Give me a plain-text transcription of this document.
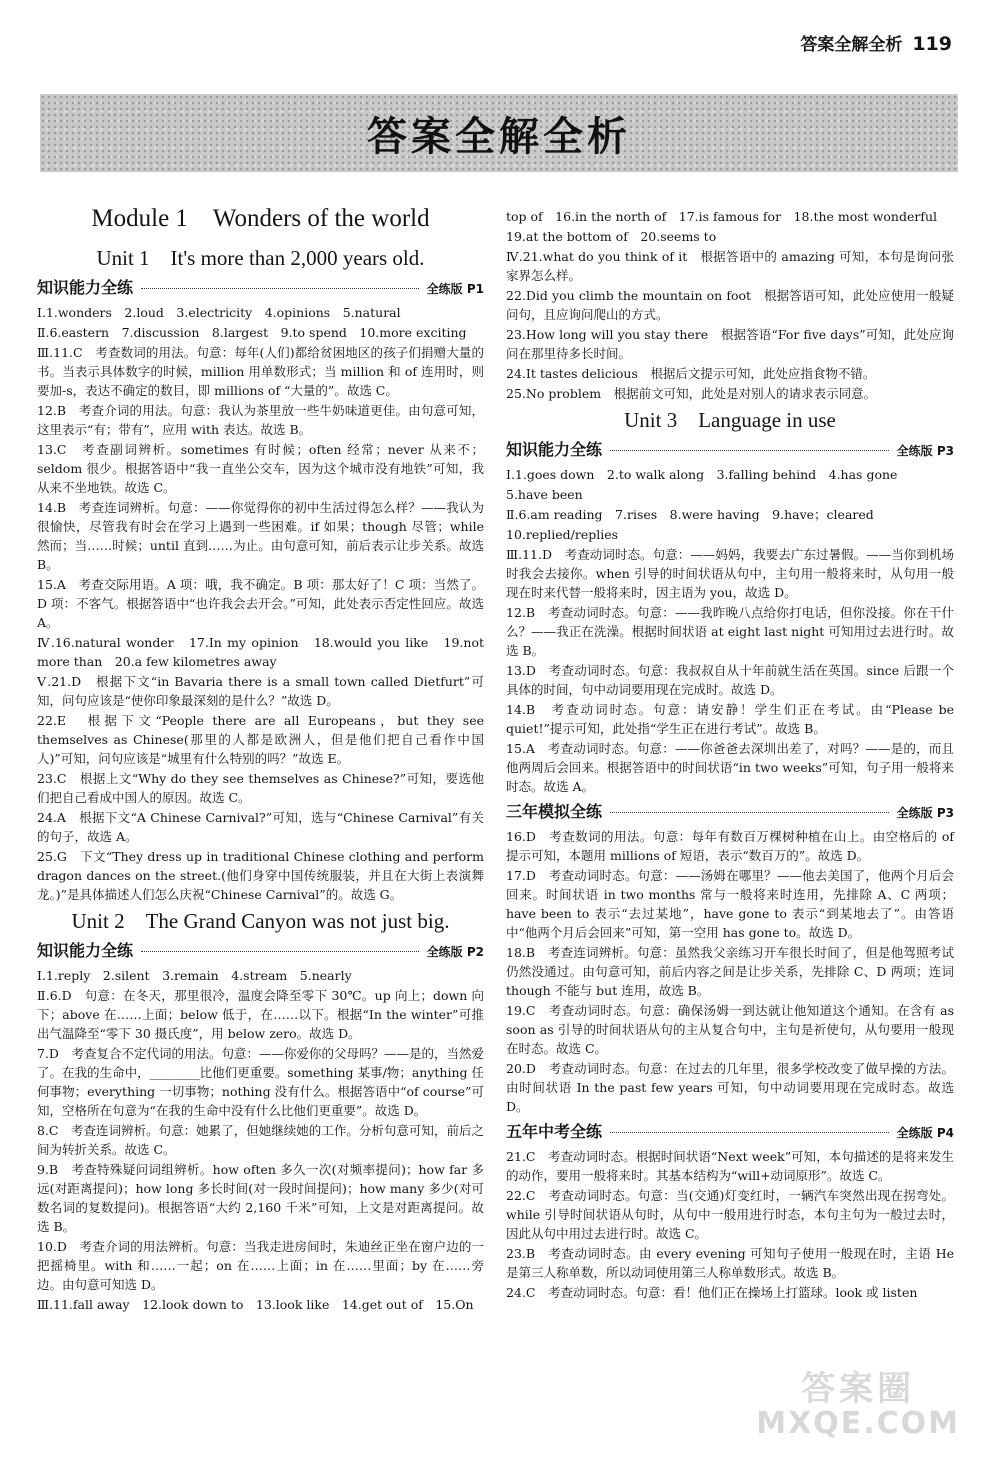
答案全解全析 119
答案全解全析
Module 1　Wonders of the world
Unit 1　It's more than 2,000 years old.
知识能力全练	全练版 P1

Ⅰ.1.wonders　2.loud　3.electricity　4.opinions　5.natural

Ⅱ.6.eastern　7.discussion　8.largest　9.to spend　10.more exciting

Ⅲ.11.C　考查数词的用法。句意：每年(人们)都给贫困地区的孩子们捐赠大量的书。当表示具体数字的时候，million 用单数形式；当 million 和 of 连用时，则要加-s，表达不确定的数目，即 millions of “大量的”。故选 C。

12.B　考查介词的用法。句意：我认为茶里放一些牛奶味道更佳。由句意可知，这里表示“有；带有”，应用 with 表达。故选 B。

13.C　考查副词辨析。sometimes 有时候；often 经常；never 从来不；seldom 很少。根据答语中“我一直坐公交车，因为这个城市没有地铁”可知，我从来不坐地铁。故选 C。

14.B　考查连词辨析。句意：——你觉得你的初中生活过得怎么样？——我认为很愉快，尽管我有时会在学习上遇到一些困难。if 如果；though 尽管；while 然而；当……时候；until 直到……为止。由句意可知，前后表示让步关系。故选 B。

15.A　考查交际用语。A 项：哦，我不确定。B 项：那太好了！C 项：当然了。D 项：不客气。根据答语中“也许我会去开会。”可知，此处表示否定性回应。故选 A。

Ⅳ.16.natural wonder　17.In my opinion　18.would you like　19.not more than　20.a few kilometres away

Ⅴ.21.D　根据下文“in Bavaria there is a small town called Dietfurt”可知，问句应该是“使你印象最深刻的是什么？”故选 D。

22.E　根据下文“People there are all Europeans，but they see themselves as Chinese(那里的人都是欧洲人，但是他们把自己看作中国人)”可知，问句应该是“城里有什么特别的吗？”故选 E。

23.C　根据上文“Why do they see themselves as Chinese?”可知，要选他们把自己看成中国人的原因。故选 C。

24.A　根据下文“A Chinese Carnival?”可知，选与“Chinese Carnival”有关的句子，故选 A。

25.G　下文“They dress up in traditional Chinese clothing and perform dragon dances on the street.(他们身穿中国传统服装，并且在大街上表演舞龙。)”是具体描述人们怎么庆祝“Chinese Carnival”的。故选 G。

Unit 2　The Grand Canyon was not just big.
知识能力全练	全练版 P2

Ⅰ.1.reply　2.silent　3.remain　4.stream　5.nearly

Ⅱ.6.D　句意：在冬天，那里很冷，温度会降至零下 30℃。up 向上；down 向下；above 在……上面；below 低于，在……以下。根据“In the winter”可推出气温降至“零下 30 摄氏度”，用 below zero。故选 D。

7.D　考查复合不定代词的用法。句意：——你爱你的父母吗？——是的，当然爱了。在我的生命中，________比他们更重要。something 某事/物；anything 任何事物；everything 一切事物；nothing 没有什么。根据答语中“of course”可知，空格所在句意为“在我的生命中没有什么比他们更重要”。故选 D。

8.C　考查连词辨析。句意：她累了，但她继续她的工作。分析句意可知，前后之间为转折关系。故选 C。

9.B　考查特殊疑问词组辨析。how often 多久一次(对频率提问)；how far 多远(对距离提问)；how long 多长时间(对一段时间提问)；how many 多少(对可数名词的复数提问)。根据答语“大约 2,160 千米”可知，上文是对距离提问。故选 B。

10.D　考查介词的用法辨析。句意：当我走进房间时，朱迪丝正坐在窗户边的一把摇椅里。with 和……一起；on 在……上面；in 在……里面；by 在……旁边。由句意可知选 D。

Ⅲ.11.fall away　12.look down to　13.look like　14.get out of　15.On

top of　16.in the north of　17.is famous for　18.the most wonderful

19.at the bottom of　20.seems to

Ⅳ.21.what do you think of it　根据答语中的 amazing 可知，本句是询问张家界怎么样。

22.Did you climb the mountain on foot　根据答语可知，此处应使用一般疑问句，且应询问爬山的方式。

23.How long will you stay there　根据答语“For five days”可知，此处应询问在那里待多长时间。

24.It tastes delicious　根据后文提示可知，此处应指食物不错。

25.No problem　根据前文可知，此处是对别人的请求表示同意。

Unit 3　Language in use
知识能力全练	全练版 P3

Ⅰ.1.goes down　2.to walk along　3.falling behind　4.has gone

5.have been

Ⅱ.6.am reading　7.rises　8.were having　9.have；cleared

10.replied/replies

Ⅲ.11.D　考查动词时态。句意：——妈妈，我要去广东过暑假。——当你到机场时我会去接你。when 引导的时间状语从句中，主句用一般将来时，从句用一般现在时来代替一般将来时，因主语为 you，故选 D。

12.B　考查动词时态。句意：——我昨晚八点给你打电话，但你没接。你在干什么？——我正在洗澡。根据时间状语 at eight last night 可知用过去进行时。故选 B。

13.D　考查动词时态。句意：我叔叔自从十年前就生活在英国。since 后跟一个具体的时间，句中动词要用现在完成时。故选 D。

14.B　考查动词时态。句意：请安静！学生们正在考试。由“Please be quiet!”提示可知，此处指“学生正在进行考试”。故选 B。

15.A　考查动词时态。句意：——你爸爸去深圳出差了，对吗？——是的，而且他两周后会回来。根据答语中的时间状语“in two weeks”可知，句子用一般将来时态。故选 A。

三年模拟全练	全练版 P3

16.D　考查数词的用法。句意：每年有数百万棵树种植在山上。由空格后的 of 提示可知，本题用 millions of 短语，表示“数百万的”。故选 D。

17.D　考查动词时态。句意：——汤姆在哪里？——他去美国了，他两个月后会回来。时间状语 in two months 常与一般将来时连用，先排除 A、C 两项；have been to 表示“去过某地”，have gone to 表示“到某地去了”。由答语中“他两个月后会回来”可知，第一空用 has gone to。故选 D。

18.B　考查连词辨析。句意：虽然我父亲练习开车很长时间了，但是他驾照考试仍然没通过。由句意可知，前后内容之间是让步关系，先排除 C、D 两项；连词 though 不能与 but 连用，故选 B。

19.C　考查动词时态。句意：确保汤姆一到达就让他知道这个通知。在含有 as soon as 引导的时间状语从句的主从复合句中，主句是祈使句，从句要用一般现在时态。故选 C。

20.D　考查动词时态。句意：在过去的几年里，很多学校改变了做早操的方法。由时间状语 In the past few years 可知，句中动词要用现在完成时态。故选 D。

五年中考全练	全练版 P4

21.C　考查动词时态。根据时间状语“Next week”可知，本句描述的是将来发生的动作，要用一般将来时。其基本结构为“will+动词原形”。故选 C。

22.C　考查动词时态。句意：当(交通)灯变红时，一辆汽车突然出现在拐弯处。while 引导时间状语从句时，从句中一般用进行时态，本句主句为一般过去时，因此从句中用过去进行时。故选 C。

23.B　考查动词时态。由 every evening 可知句子使用一般现在时，主语 He 是第三人称单数，所以动词使用第三人称单数形式。故选 B。

24.C　考查动词时态。句意：看！他们正在操场上打篮球。look 或 listen

答案圈
MXQE.COM
